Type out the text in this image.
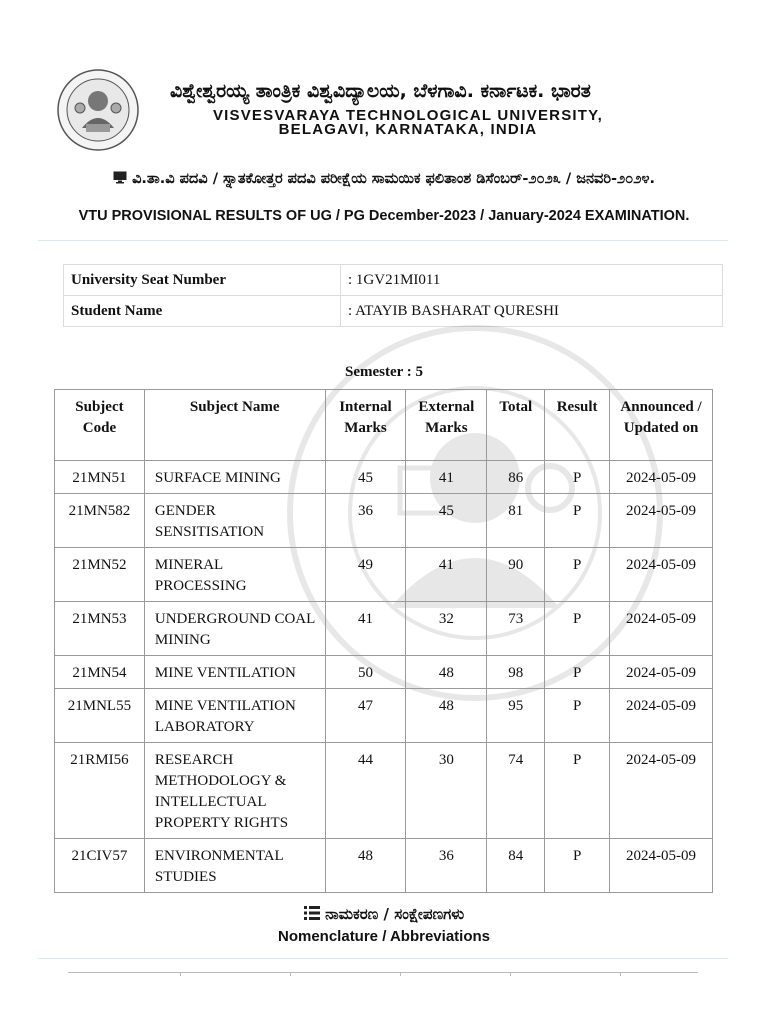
ವಿಶ್ವೇಶ್ವರಯ್ಯ ತಾಂತ್ರಿಕ ವಿಶ್ವವಿದ್ಯಾಲಯ, ಬೆಳಗಾವಿ. ಕರ್ನಾಟಕ. ಭಾರತ
VISVESVARAYA TECHNOLOGICAL UNIVERSITY,
BELAGAVI, KARNATAKA, INDIA
ವಿ.ತಾ.ವಿ ಪದವಿ / ಸ್ನಾತಕೋತ್ತರ ಪದವಿ ಪರೀಕ್ಷೆಯ ಸಾಮಯಿಕ ಫಲಿತಾಂಶ ಡಿಸೆಂಬರ್-೨೦೨೩ / ಜನವರಿ-೨೦೨೪.
VTU PROVISIONAL RESULTS OF UG / PG December-2023 / January-2024 EXAMINATION.
University Seat Number	: 1GV21MI011
Student Name	: ATAYIB BASHARAT QURESHI
Semester : 5
Subject Code	Subject Name	Internal Marks	External Marks	Total	Result	Announced / Updated on
21MN51	SURFACE MINING	45	41	86	P	2024-05-09
21MN582	GENDER SENSITISATION	36	45	81	P	2024-05-09
21MN52	MINERAL PROCESSING	49	41	90	P	2024-05-09
21MN53	UNDERGROUND COAL MINING	41	32	73	P	2024-05-09
21MN54	MINE VENTILATION	50	48	98	P	2024-05-09
21MNL55	MINE VENTILATION LABORATORY	47	48	95	P	2024-05-09
21RMI56	RESEARCH METHODOLOGY & INTELLECTUAL PROPERTY RIGHTS	44	30	74	P	2024-05-09
21CIV57	ENVIRONMENTAL STUDIES	48	36	84	P	2024-05-09
ನಾಮಕರಣ / ಸಂಕ್ಷೇಪಣಗಳು
Nomenclature / Abbreviations
